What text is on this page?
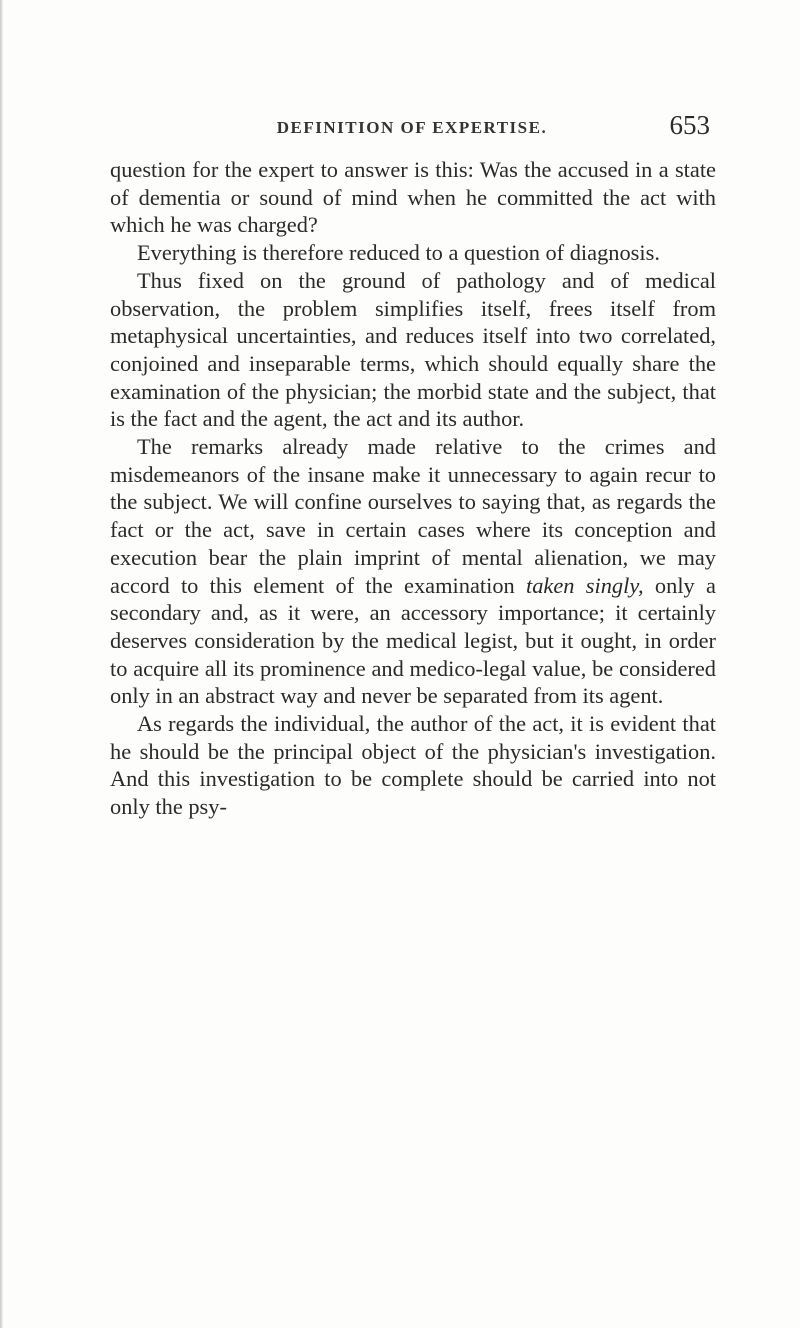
DEFINITION OF EXPERTISE.	653

question for the expert to answer is this: Was the accused in a state of dementia or sound of mind when he committed the act with which he was charged?

Everything is therefore reduced to a question of diagnosis.

Thus fixed on the ground of pathology and of medical observation, the problem simplifies itself, frees itself from metaphysical uncertainties, and reduces itself into two correlated, conjoined and inseparable terms, which should equally share the examination of the physician; the morbid state and the subject, that is the fact and the agent, the act and its author.

The remarks already made relative to the crimes and misdemeanors of the insane make it unnecessary to again recur to the subject. We will confine ourselves to saying that, as regards the fact or the act, save in certain cases where its conception and execution bear the plain imprint of mental alienation, we may accord to this element of the examination taken singly, only a secondary and, as it were, an accessory importance; it certainly deserves consideration by the medical legist, but it ought, in order to acquire all its prominence and medico-legal value, be considered only in an abstract way and never be separated from its agent.

As regards the individual, the author of the act, it is evident that he should be the principal object of the physician's investigation. And this investigation to be complete should be carried into not only the psy-
